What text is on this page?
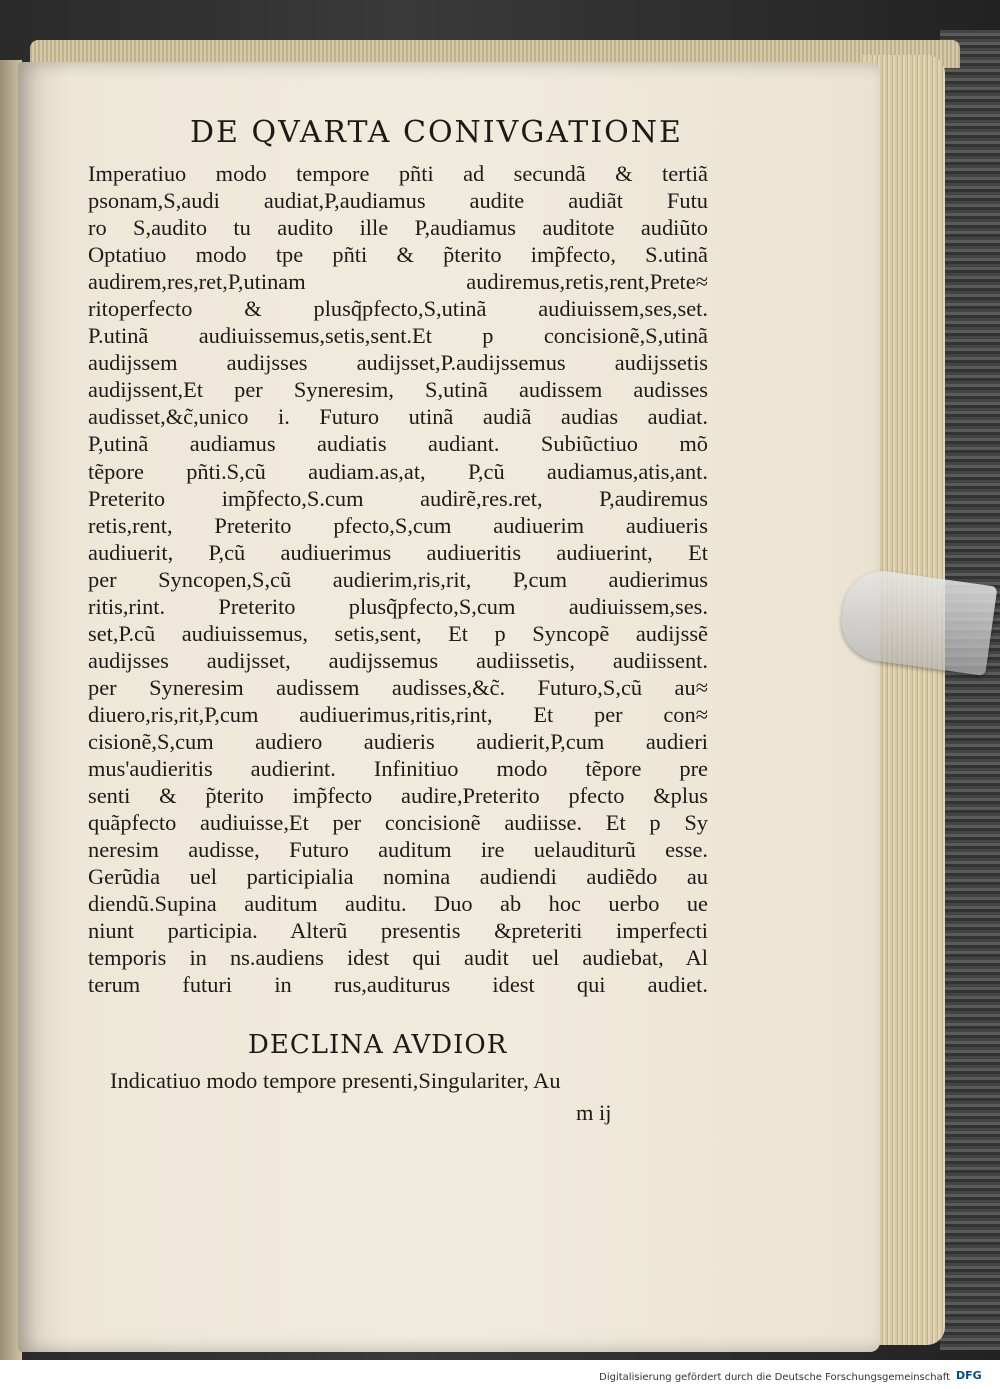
DE QVARTA CONIVGATIONE
Imperatiuo modo tempore pñti ad secundã & tertiã
psonam,S,audi audiat,P,audiamus audite audiãt Futu
ro S,audito tu audito ille P,audiamus auditote audiũto
Optatiuo modo tpe pñti & p̃terito imp̃fecto, S.utinã
audirem,res,ret,P,utinam audiremus,retis,rent,Prete≈
ritoperfecto & plusq̃pfecto,S,utinã audiuissem,ses,set.
P.utinã audiuissemus,setis,sent.Et p concisionẽ,S,utinã
audijssem audijsses audijsset,P.audijssemus audijssetis
audijssent,Et per Syneresim, S,utinã audissem audisses
audisset,&c̃,unico i. Futuro utinã audiã audias audiat.
P,utinã audiamus audiatis audiant. Subiũctiuo mõ
tẽpore pñti.S,cũ audiam.as,at, P,cũ audiamus,atis,ant.
Preterito imp̃fecto,S.cum audirẽ,res.ret, P,audiremus
retis,rent, Preterito pfecto,S,cum audiuerim audiueris
audiuerit, P,cũ audiuerimus audiueritis audiuerint, Et
per Syncopen,S,cũ audierim,ris,rit, P,cum audierimus
ritis,rint. Preterito plusq̃pfecto,S,cum audiuissem,ses.
set,P.cũ audiuissemus, setis,sent, Et p Syncopẽ audijssẽ
audijsses audijsset, audijssemus audiissetis, audiissent.
per Syneresim audissem audisses,&c̃. Futuro,S,cũ au≈
diuero,ris,rit,P,cum audiuerimus,ritis,rint, Et per con≈
cisionẽ,S,cum audiero audieris audierit,P,cum audieri
mus'audieritis audierint. Infinitiuo modo tẽpore pre
senti & p̃terito imp̃fecto audire,Preterito pfecto &plus
quãpfecto audiuisse,Et per concisionẽ audiisse. Et p Sy
neresim audisse, Futuro auditum ire uelauditurũ esse.
Gerũdia uel participialia nomina audiendi audiẽdo au
diendũ.Supina auditum auditu. Duo ab hoc uerbo ue
niunt participia. Alterũ presentis &preteriti imperfecti
temporis in ns.audiens idest qui audit uel audiebat, Al
terum futuri in rus,auditurus idest qui audiet.
DECLINA AVDIOR
Indicatiuo modo tempore presenti,Singulariter, Au
m ij
Digitalisierung gefördert durch die Deutsche Forschungsgemeinschaft DFG
